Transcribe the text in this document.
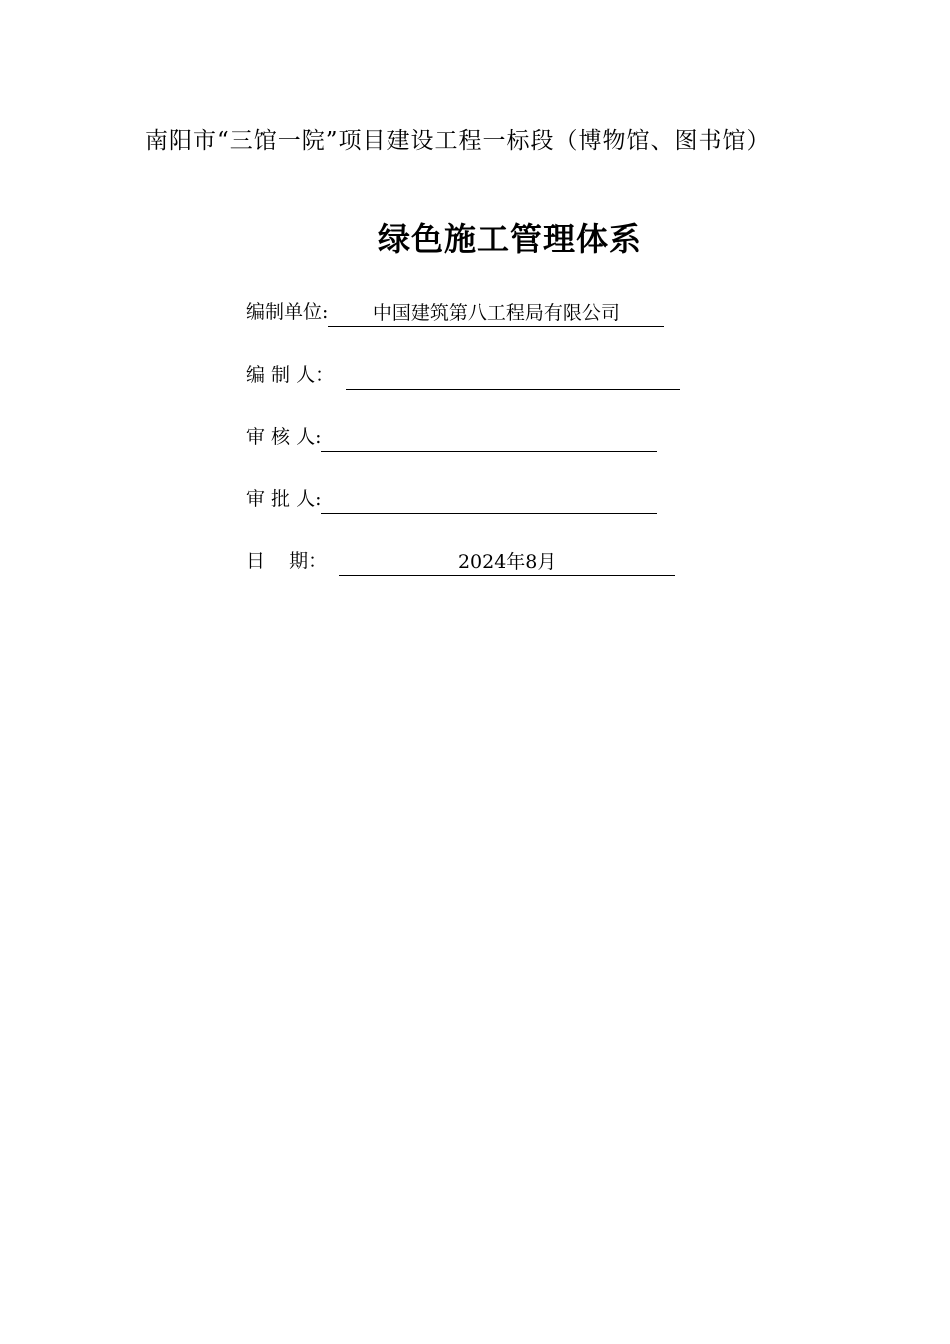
南阳市“三馆一院”项目建设工程一标段（博物馆、图书馆）

绿色施工管理体系
编制单位:	中国建筑第八工程局有限公司
编 制 人：
审 核 人:
审 批 人:
日    期：	2024年8月
